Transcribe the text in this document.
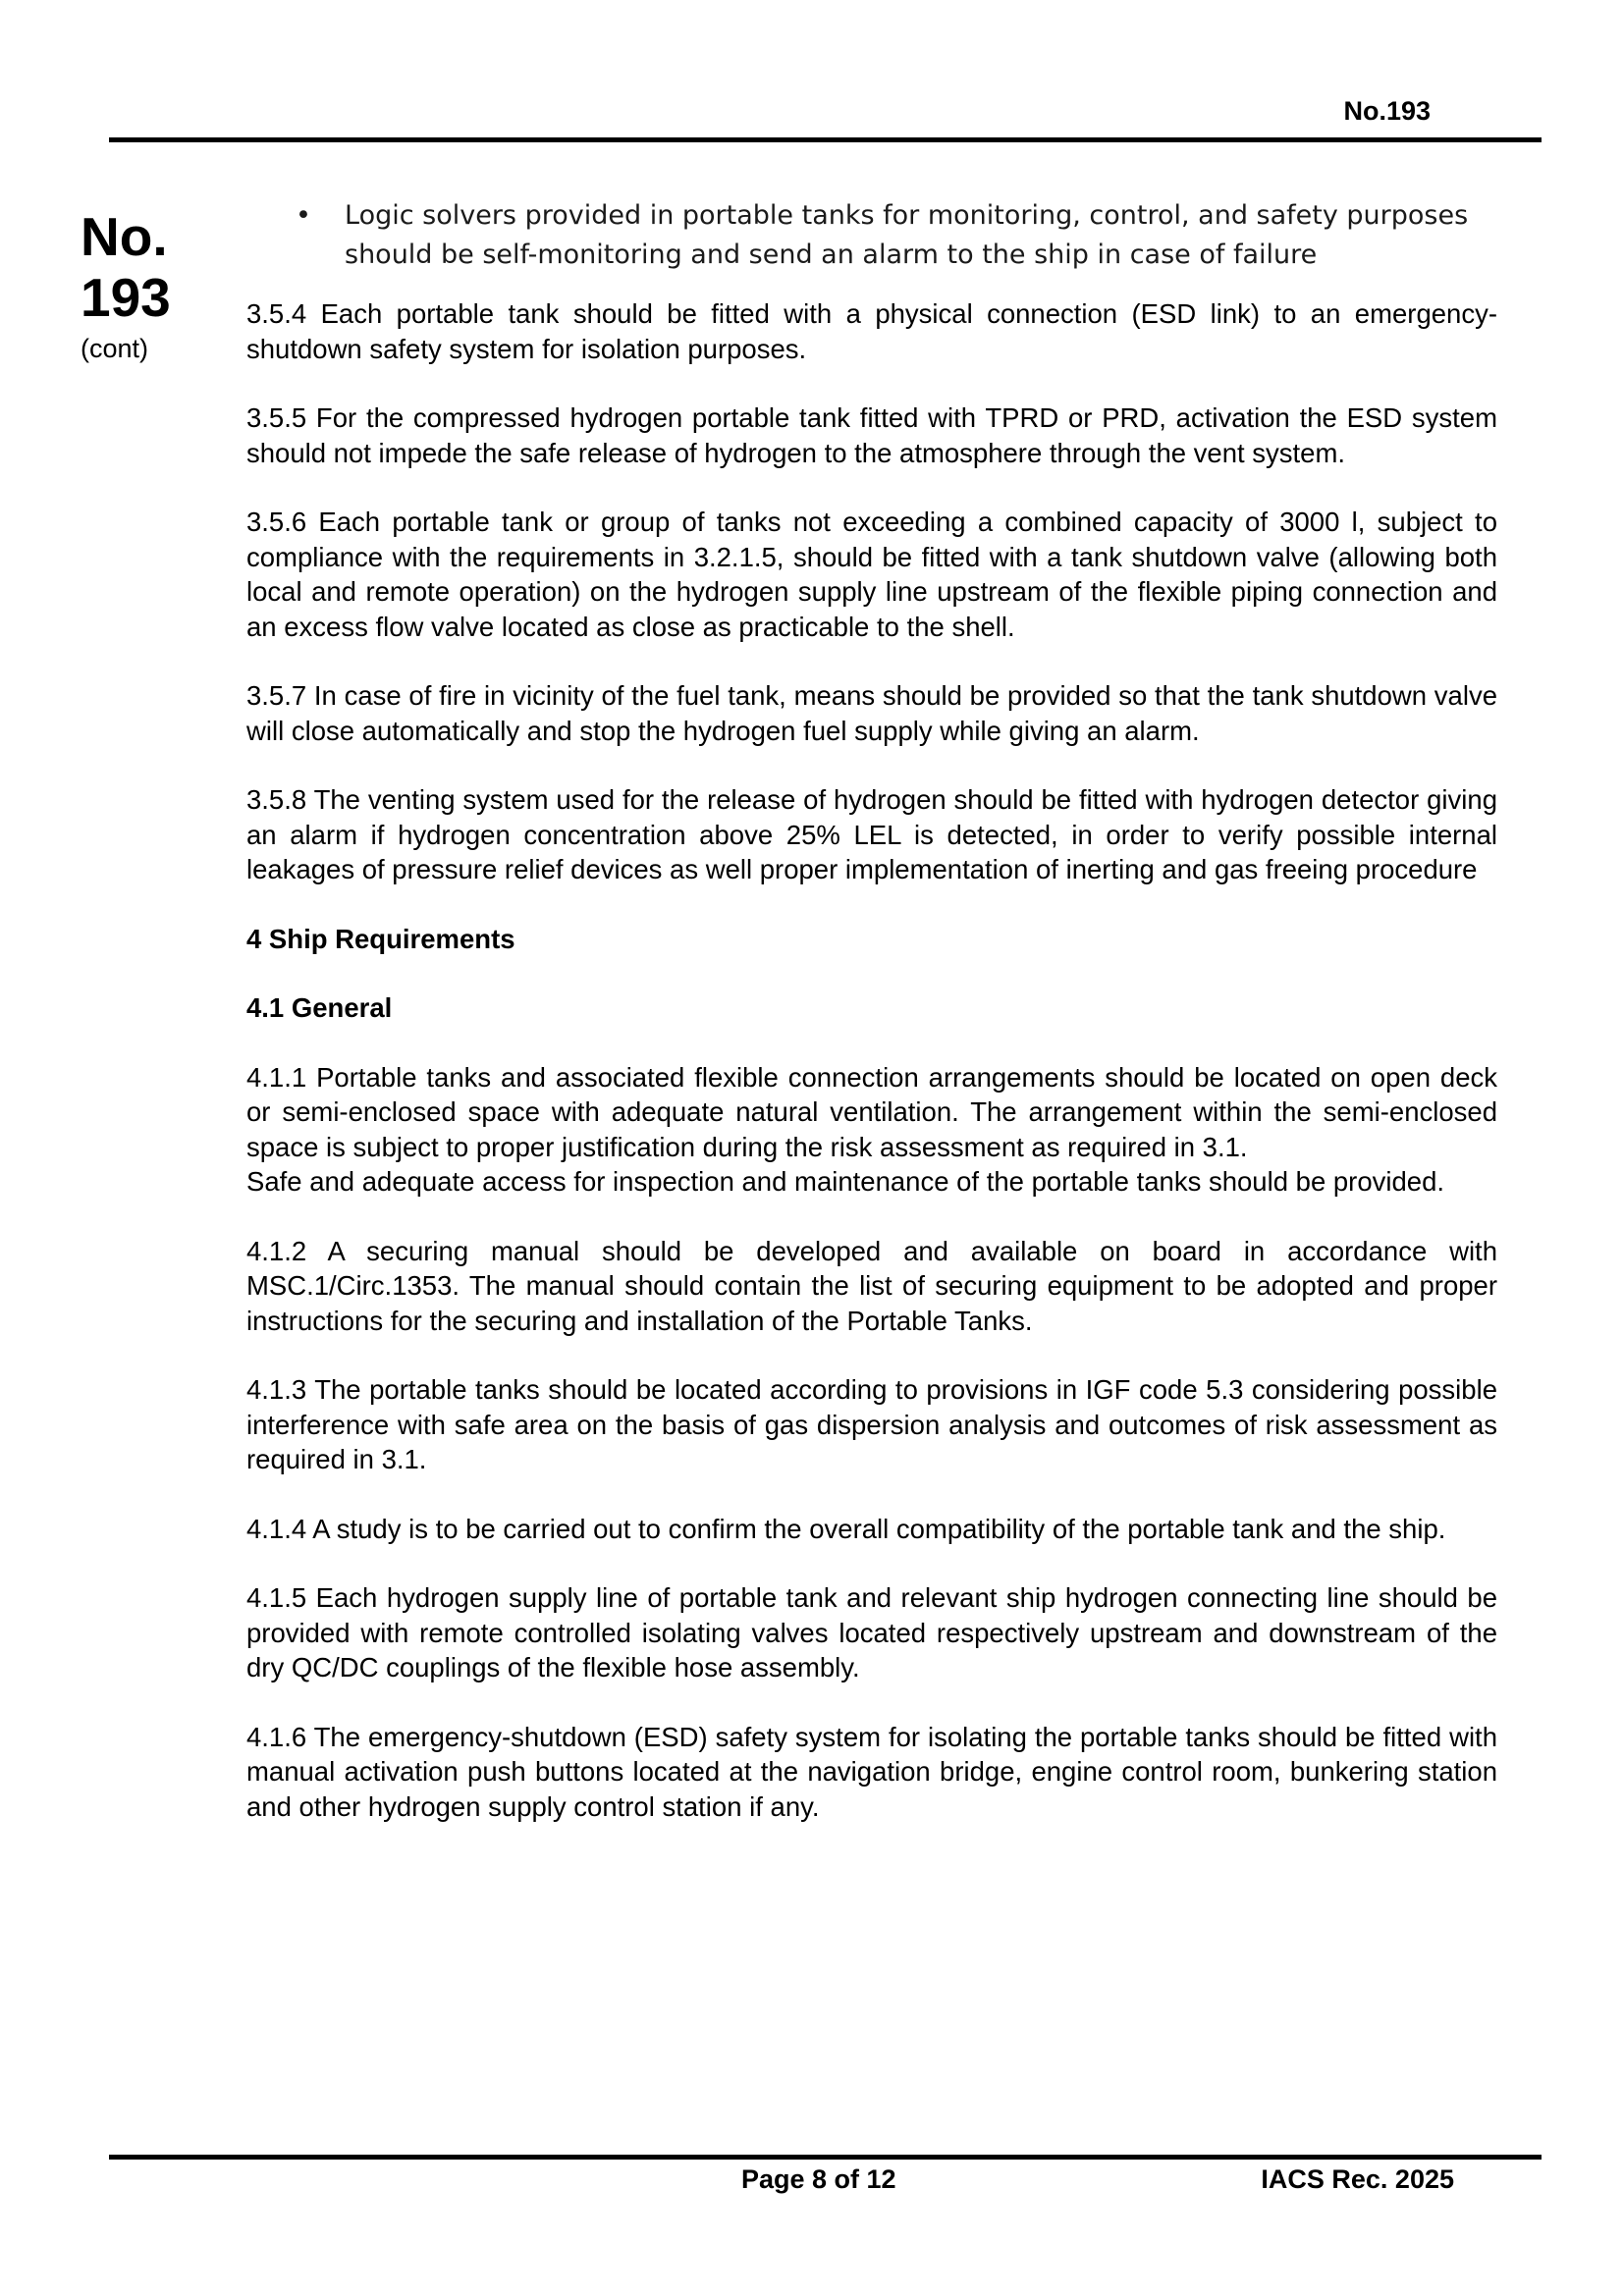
No.193
No.
193
(cont)
• Logic solvers provided in portable tanks for monitoring, control, and safety purposes should be self-monitoring and send an alarm to the ship in case of failure

3.5.4 Each portable tank should be fitted with a physical connection (ESD link) to an emergency-shutdown safety system for isolation purposes.

3.5.5 For the compressed hydrogen portable tank fitted with TPRD or PRD, activation the ESD system should not impede the safe release of hydrogen to the atmosphere through the vent system.

3.5.6 Each portable tank or group of tanks not exceeding a combined capacity of 3000 l, subject to compliance with the requirements in 3.2.1.5, should be fitted with a tank shutdown valve (allowing both local and remote operation) on the hydrogen supply line upstream of the flexible piping connection and an excess flow valve located as close as practicable to the shell.

3.5.7 In case of fire in vicinity of the fuel tank, means should be provided so that the tank shutdown valve will close automatically and stop the hydrogen fuel supply while giving an alarm.

3.5.8 The venting system used for the release of hydrogen should be fitted with hydrogen detector giving an alarm if hydrogen concentration above 25% LEL is detected, in order to verify possible internal leakages of pressure relief devices as well proper implementation of inerting and gas freeing procedure

4 Ship Requirements
4.1 General

4.1.1 Portable tanks and associated flexible connection arrangements should be located on open deck or semi-enclosed space with adequate natural ventilation. The arrangement within the semi-enclosed space is subject to proper justification during the risk assessment as required in 3.1.
Safe and adequate access for inspection and maintenance of the portable tanks should be provided.

4.1.2 A securing manual should be developed and available on board in accordance with MSC.1/Circ.1353. The manual should contain the list of securing equipment to be adopted and proper instructions for the securing and installation of the Portable Tanks.

4.1.3 The portable tanks should be located according to provisions in IGF code 5.3 considering possible interference with safe area on the basis of gas dispersion analysis and outcomes of risk assessment as required in 3.1.

4.1.4 A study is to be carried out to confirm the overall compatibility of the portable tank and the ship.

4.1.5 Each hydrogen supply line of portable tank and relevant ship hydrogen connecting line should be provided with remote controlled isolating valves located respectively upstream and downstream of the dry QC/DC couplings of the flexible hose assembly.

4.1.6 The emergency-shutdown (ESD) safety system for isolating the portable tanks should be fitted with manual activation push buttons located at the navigation bridge, engine control room, bunkering station and other hydrogen supply control station if any.

Page 8 of 12	IACS Rec. 2025
